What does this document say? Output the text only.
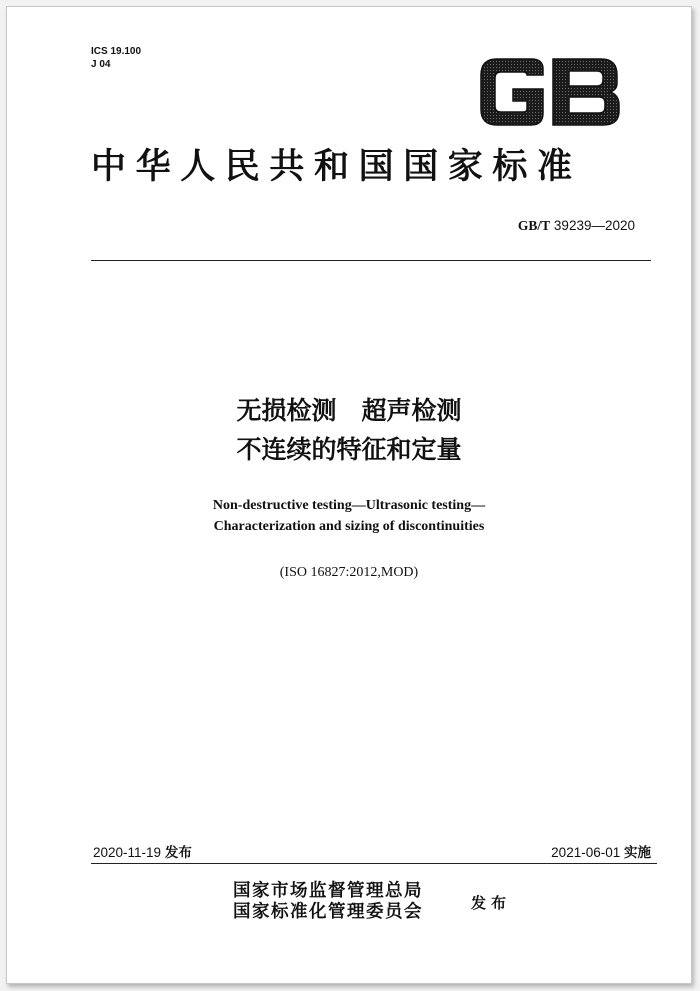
ICS 19.100
J 04
中华人民共和国国家标准
GB/T 39239—2020
无损检测　超声检测
不连续的特征和定量
Non-destructive testing—Ultrasonic testing—
Characterization and sizing of discontinuities
(ISO 16827:2012,MOD)
2020-11-19 发布	2021-06-01 实施
国家市场监督管理总局
国家标准化管理委员会	发布
